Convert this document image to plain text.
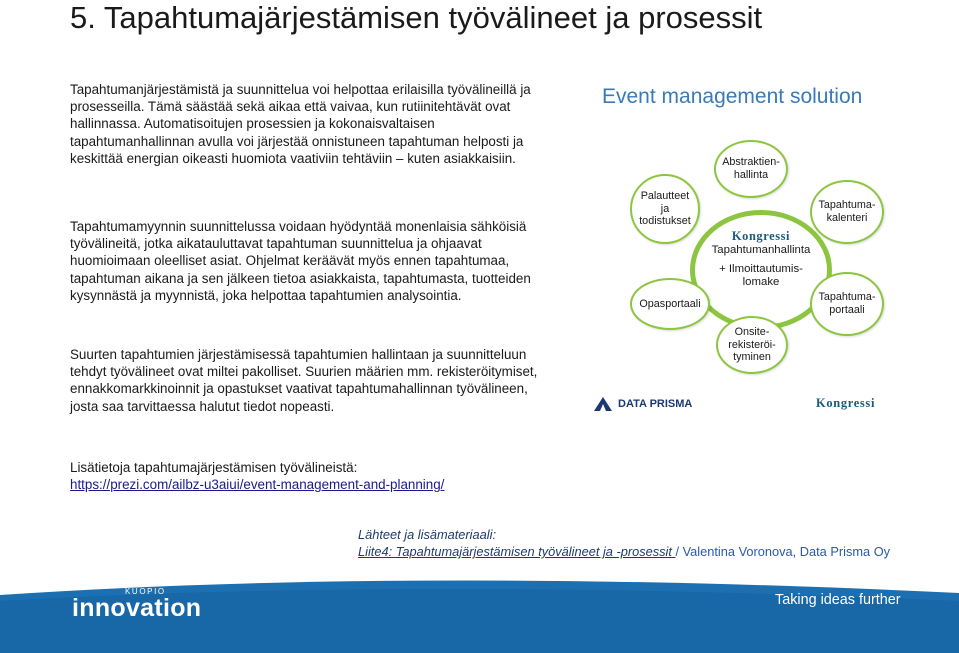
5. Tapahtumajärjestämisen työvälineet ja prosessit
Tapahtumanjärjestämistä ja suunnittelua voi helpottaa erilaisilla työvälineillä ja prosesseilla. Tämä säästää sekä aikaa että vaivaa, kun rutiinitehtävät ovat hallinnassa. Automatisoitujen prosessien ja kokonaisvaltaisen tapahtumanhallinnan avulla voi järjestää onnistuneen tapahtuman helposti ja keskittää energian oikeasti huomiota vaativiin tehtäviin – kuten asiakkaisiin.
Tapahtumamyynnin suunnittelussa voidaan hyödyntää monenlaisia sähköisiä työvälineitä, jotka aikatauluttavat tapahtuman suunnittelua ja ohjaavat huomioimaan oleelliset asiat. Ohjelmat keräävät myös ennen tapahtumaa, tapahtuman aikana ja sen jälkeen tietoa asiakkaista, tapahtumasta, tuotteiden kysynnästä ja myynnistä, joka helpottaa tapahtumien analysointia.
Suurten tapahtumien järjestämisessä tapahtumien hallintaan ja suunnitteluun tehdyt työvälineet ovat miltei pakolliset. Suurien määrien mm. rekisteröitymiset, ennakkomarkkinoinnit ja opastukset vaativat tapahtumahallinnan työvälineen, josta saa tarvittaessa halutut tiedot nopeasti.
Lisätietoja tapahtumajärjestämisen työvälineistä:
https://prezi.com/ailbz-u3aiui/event-management-and-planning/
Lähteet ja lisämateriaali:
Liite4: Tapahtumajärjestämisen työvälineet ja -prosessit / Valentina Voronova, Data Prisma Oy
Event management solution
Abstraktien-
hallinta
Palautteet
ja
todistukset
Tapahtuma-
kalenteri
Kongressi
Tapahtumanhallinta
+ Ilmoittautumis-
lomake
Opasportaali
Tapahtuma-
portaali
Onsite-
rekisteröi-
tyminen
DATA PRISMA	Kongressi
KUOPIO
innovation	Taking ideas further
